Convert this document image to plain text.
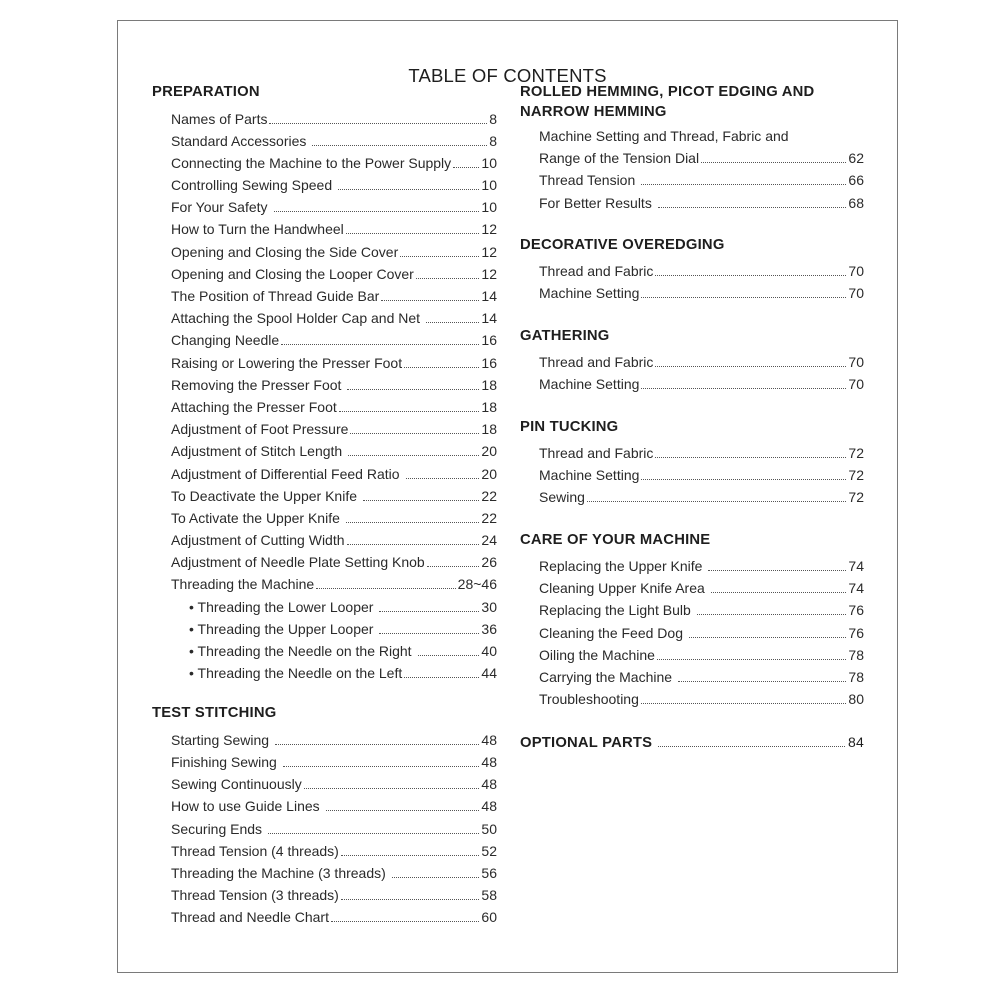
TABLE OF CONTENTS
PREPARATION
Names of Parts	8
Standard Accessories	8
Connecting the Machine to the Power Supply 10
Controlling Sewing Speed	10
For Your Safety	10
How to Turn the Handwheel	12
Opening and Closing the Side Cover	12
Opening and Closing the Looper Cover	12
The Position of Thread Guide Bar	14
Attaching the Spool Holder Cap and Net	14
Changing Needle	16
Raising or Lowering the Presser Foot	16
Removing the Presser Foot	18
Attaching the Presser Foot	18
Adjustment of Foot Pressure	18
Adjustment of Stitch Length	20
Adjustment of Differential Feed Ratio	20
To Deactivate the Upper Knife	22
To Activate the Upper Knife	22
Adjustment of Cutting Width	24
Adjustment of Needle Plate Setting Knob	26
Threading the Machine	28~46
• Threading the Lower Looper	30
• Threading the Upper Looper	36
• Threading the Needle on the Right	40
• Threading the Needle on the Left	44
TEST STITCHING
Starting Sewing	48
Finishing Sewing	48
Sewing Continuously	48
How to use Guide Lines	48
Securing Ends	50
Thread Tension (4 threads)	52
Threading the Machine (3 threads)	56
Thread Tension (3 threads)	58
Thread and Needle Chart	60
ROLLED HEMMING, PICOT EDGING AND
NARROW HEMMING
Machine Setting and Thread, Fabric and
Range of the Tension Dial	62
Thread Tension	66
For Better Results	68
DECORATIVE OVEREDGING
Thread and Fabric	70
Machine Setting	70
GATHERING
Thread and Fabric	70
Machine Setting	70
PIN TUCKING
Thread and Fabric	72
Machine Setting	72
Sewing	72
CARE OF YOUR MACHINE
Replacing the Upper Knife	74
Cleaning Upper Knife Area	74
Replacing the Light Bulb	76
Cleaning the Feed Dog	76
Oiling the Machine	78
Carrying the Machine	78
Troubleshooting	80
OPTIONAL PARTS	84
